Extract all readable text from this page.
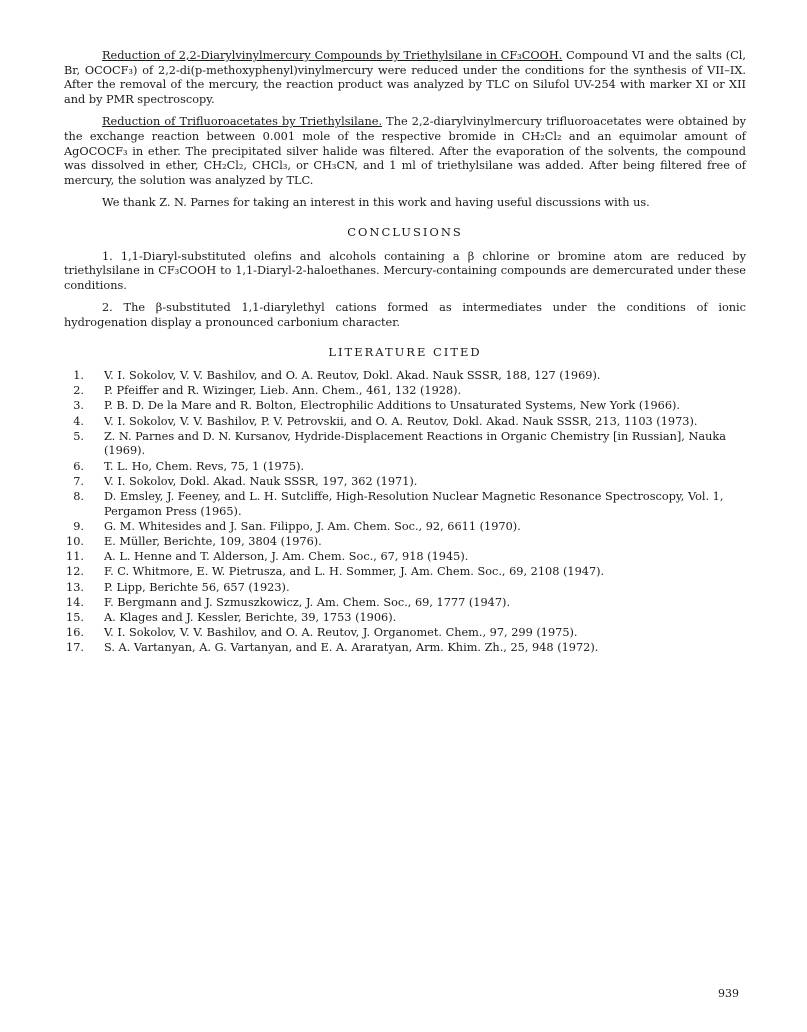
Reduction of 2,2-Diarylvinylmercury Compounds by Triethylsilane in CF₃COOH. Compound VI and the salts (Cl, Br, OCOCF₃) of 2,2-di(p-methoxyphenyl)vinylmercury were reduced under the conditions for the synthesis of VII–IX. After the removal of the mercury, the reaction product was analyzed by TLC on Silufol UV-254 with marker XI or XII and by PMR spectroscopy.

Reduction of Trifluoroacetates by Triethylsilane. The 2,2-diarylvinylmercury trifluoroacetates were obtained by the exchange reaction between 0.001 mole of the respective bromide in CH₂Cl₂ and an equimolar amount of AgOCOCF₃ in ether. The precipitated silver halide was filtered. After the evaporation of the solvents, the compound was dissolved in ether, CH₂Cl₂, CHCl₃, or CH₃CN, and 1 ml of triethylsilane was added. After being filtered free of mercury, the solution was analyzed by TLC.

We thank Z. N. Parnes for taking an interest in this work and having useful discussions with us.

CONCLUSIONS

1. 1,1-Diaryl-substituted olefins and alcohols containing a β chlorine or bromine atom are reduced by triethylsilane in CF₃COOH to 1,1-Diaryl-2-haloethanes. Mercury-containing compounds are demercurated under these conditions.

2. The β-substituted 1,1-diarylethyl cations formed as intermediates under the conditions of ionic hydrogenation display a pronounced carbonium character.

LITERATURE CITED
1. V. I. Sokolov, V. V. Bashilov, and O. A. Reutov, Dokl. Akad. Nauk SSSR, 188, 127 (1969).
2. P. Pfeiffer and R. Wizinger, Lieb. Ann. Chem., 461, 132 (1928).
3. P. B. D. De la Mare and R. Bolton, Electrophilic Additions to Unsaturated Systems, New York (1966).
4. V. I. Sokolov, V. V. Bashilov, P. V. Petrovskii, and O. A. Reutov, Dokl. Akad. Nauk SSSR, 213, 1103 (1973).
5. Z. N. Parnes and D. N. Kursanov, Hydride-Displacement Reactions in Organic Chemistry [in Russian], Nauka (1969).
6. T. L. Ho, Chem. Revs, 75, 1 (1975).
7. V. I. Sokolov, Dokl. Akad. Nauk SSSR, 197, 362 (1971).
8. D. Emsley, J. Feeney, and L. H. Sutcliffe, High-Resolution Nuclear Magnetic Resonance Spectroscopy, Vol. 1, Pergamon Press (1965).
9. G. M. Whitesides and J. San. Filippo, J. Am. Chem. Soc., 92, 6611 (1970).
10. E. Müller, Berichte, 109, 3804 (1976).
11. A. L. Henne and T. Alderson, J. Am. Chem. Soc., 67, 918 (1945).
12. F. C. Whitmore, E. W. Pietrusza, and L. H. Sommer, J. Am. Chem. Soc., 69, 2108 (1947).
13. P. Lipp, Berichte 56, 657 (1923).
14. F. Bergmann and J. Szmuszkowicz, J. Am. Chem. Soc., 69, 1777 (1947).
15. A. Klages and J. Kessler, Berichte, 39, 1753 (1906).
16. V. I. Sokolov, V. V. Bashilov, and O. A. Reutov, J. Organomet. Chem., 97, 299 (1975).
17. S. A. Vartanyan, A. G. Vartanyan, and E. A. Araratyan, Arm. Khim. Zh., 25, 948 (1972).
939
